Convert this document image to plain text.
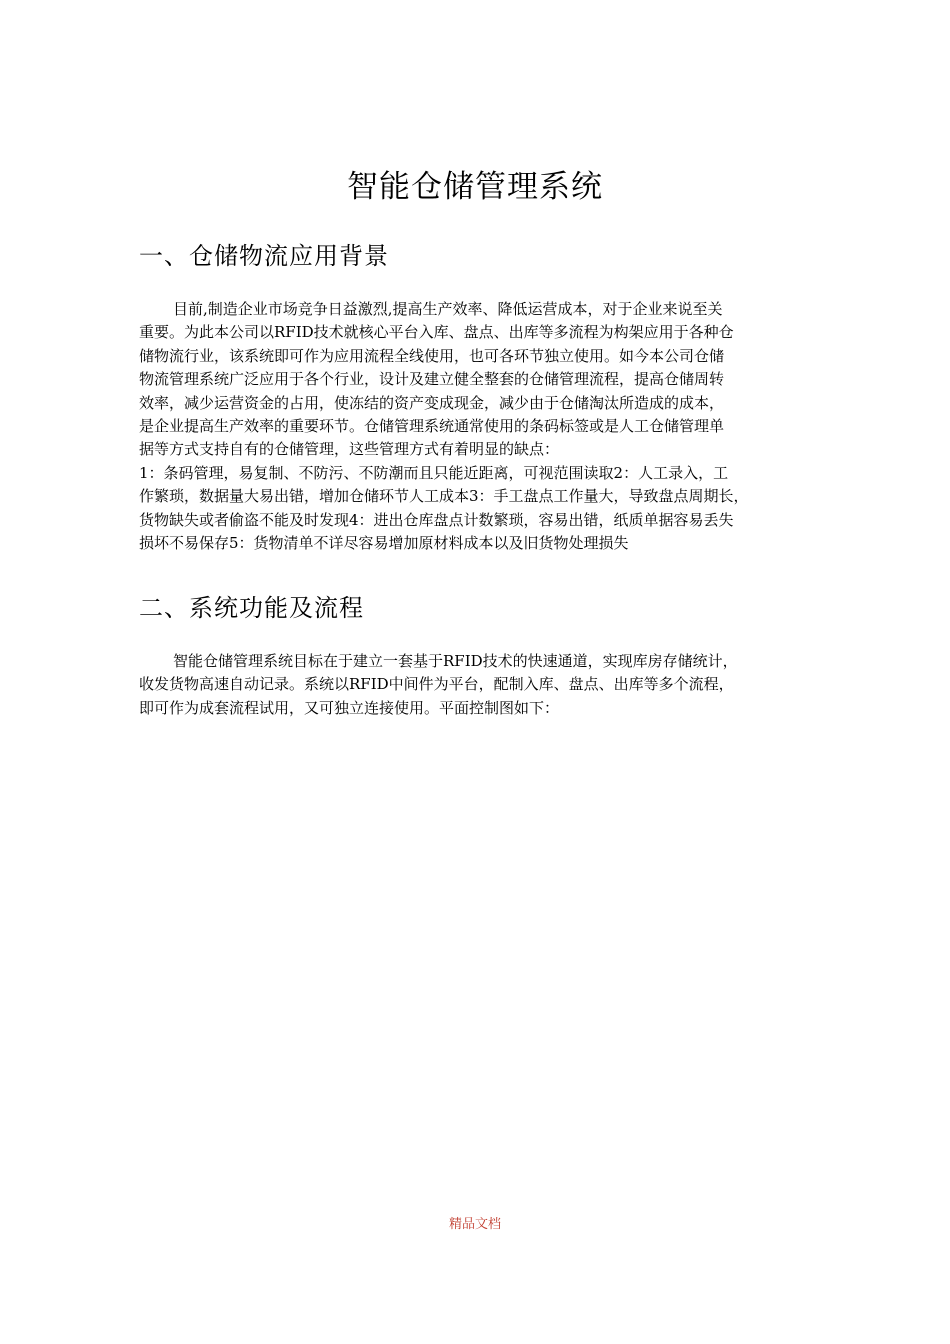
智能仓储管理系统
一、仓储物流应用背景

目前,制造企业市场竞争日益激烈,提高生产效率、降低运营成本，对于企业来说至关
重要。为此本公司以RFID技术就核心平台入库、盘点、出库等多流程为构架应用于各种仓
储物流行业，该系统即可作为应用流程全线使用，也可各环节独立使用。如今本公司仓储
物流管理系统广泛应用于各个行业，设计及建立健全整套的仓储管理流程，提高仓储周转
效率，减少运营资金的占用，使冻结的资产变成现金，减少由于仓储淘汰所造成的成本，
是企业提高生产效率的重要环节。仓储管理系统通常使用的条码标签或是人工仓储管理单
据等方式支持自有的仓储管理，这些管理方式有着明显的缺点：
1：条码管理，易复制、不防污、不防潮而且只能近距离，可视范围读取2：人工录入，工
作繁琐，数据量大易出错，增加仓储环节人工成本3：手工盘点工作量大，导致盘点周期长，
货物缺失或者偷盗不能及时发现4：进出仓库盘点计数繁琐，容易出错，纸质单据容易丢失
损坏不易保存5：货物清单不详尽容易增加原材料成本以及旧货物处理损失

二、系统功能及流程

智能仓储管理系统目标在于建立一套基于RFID技术的快速通道，实现库房存储统计，
收发货物高速自动记录。系统以RFID中间件为平台，配制入库、盘点、出库等多个流程，
即可作为成套流程试用，又可独立连接使用。平面控制图如下：

精品文档
